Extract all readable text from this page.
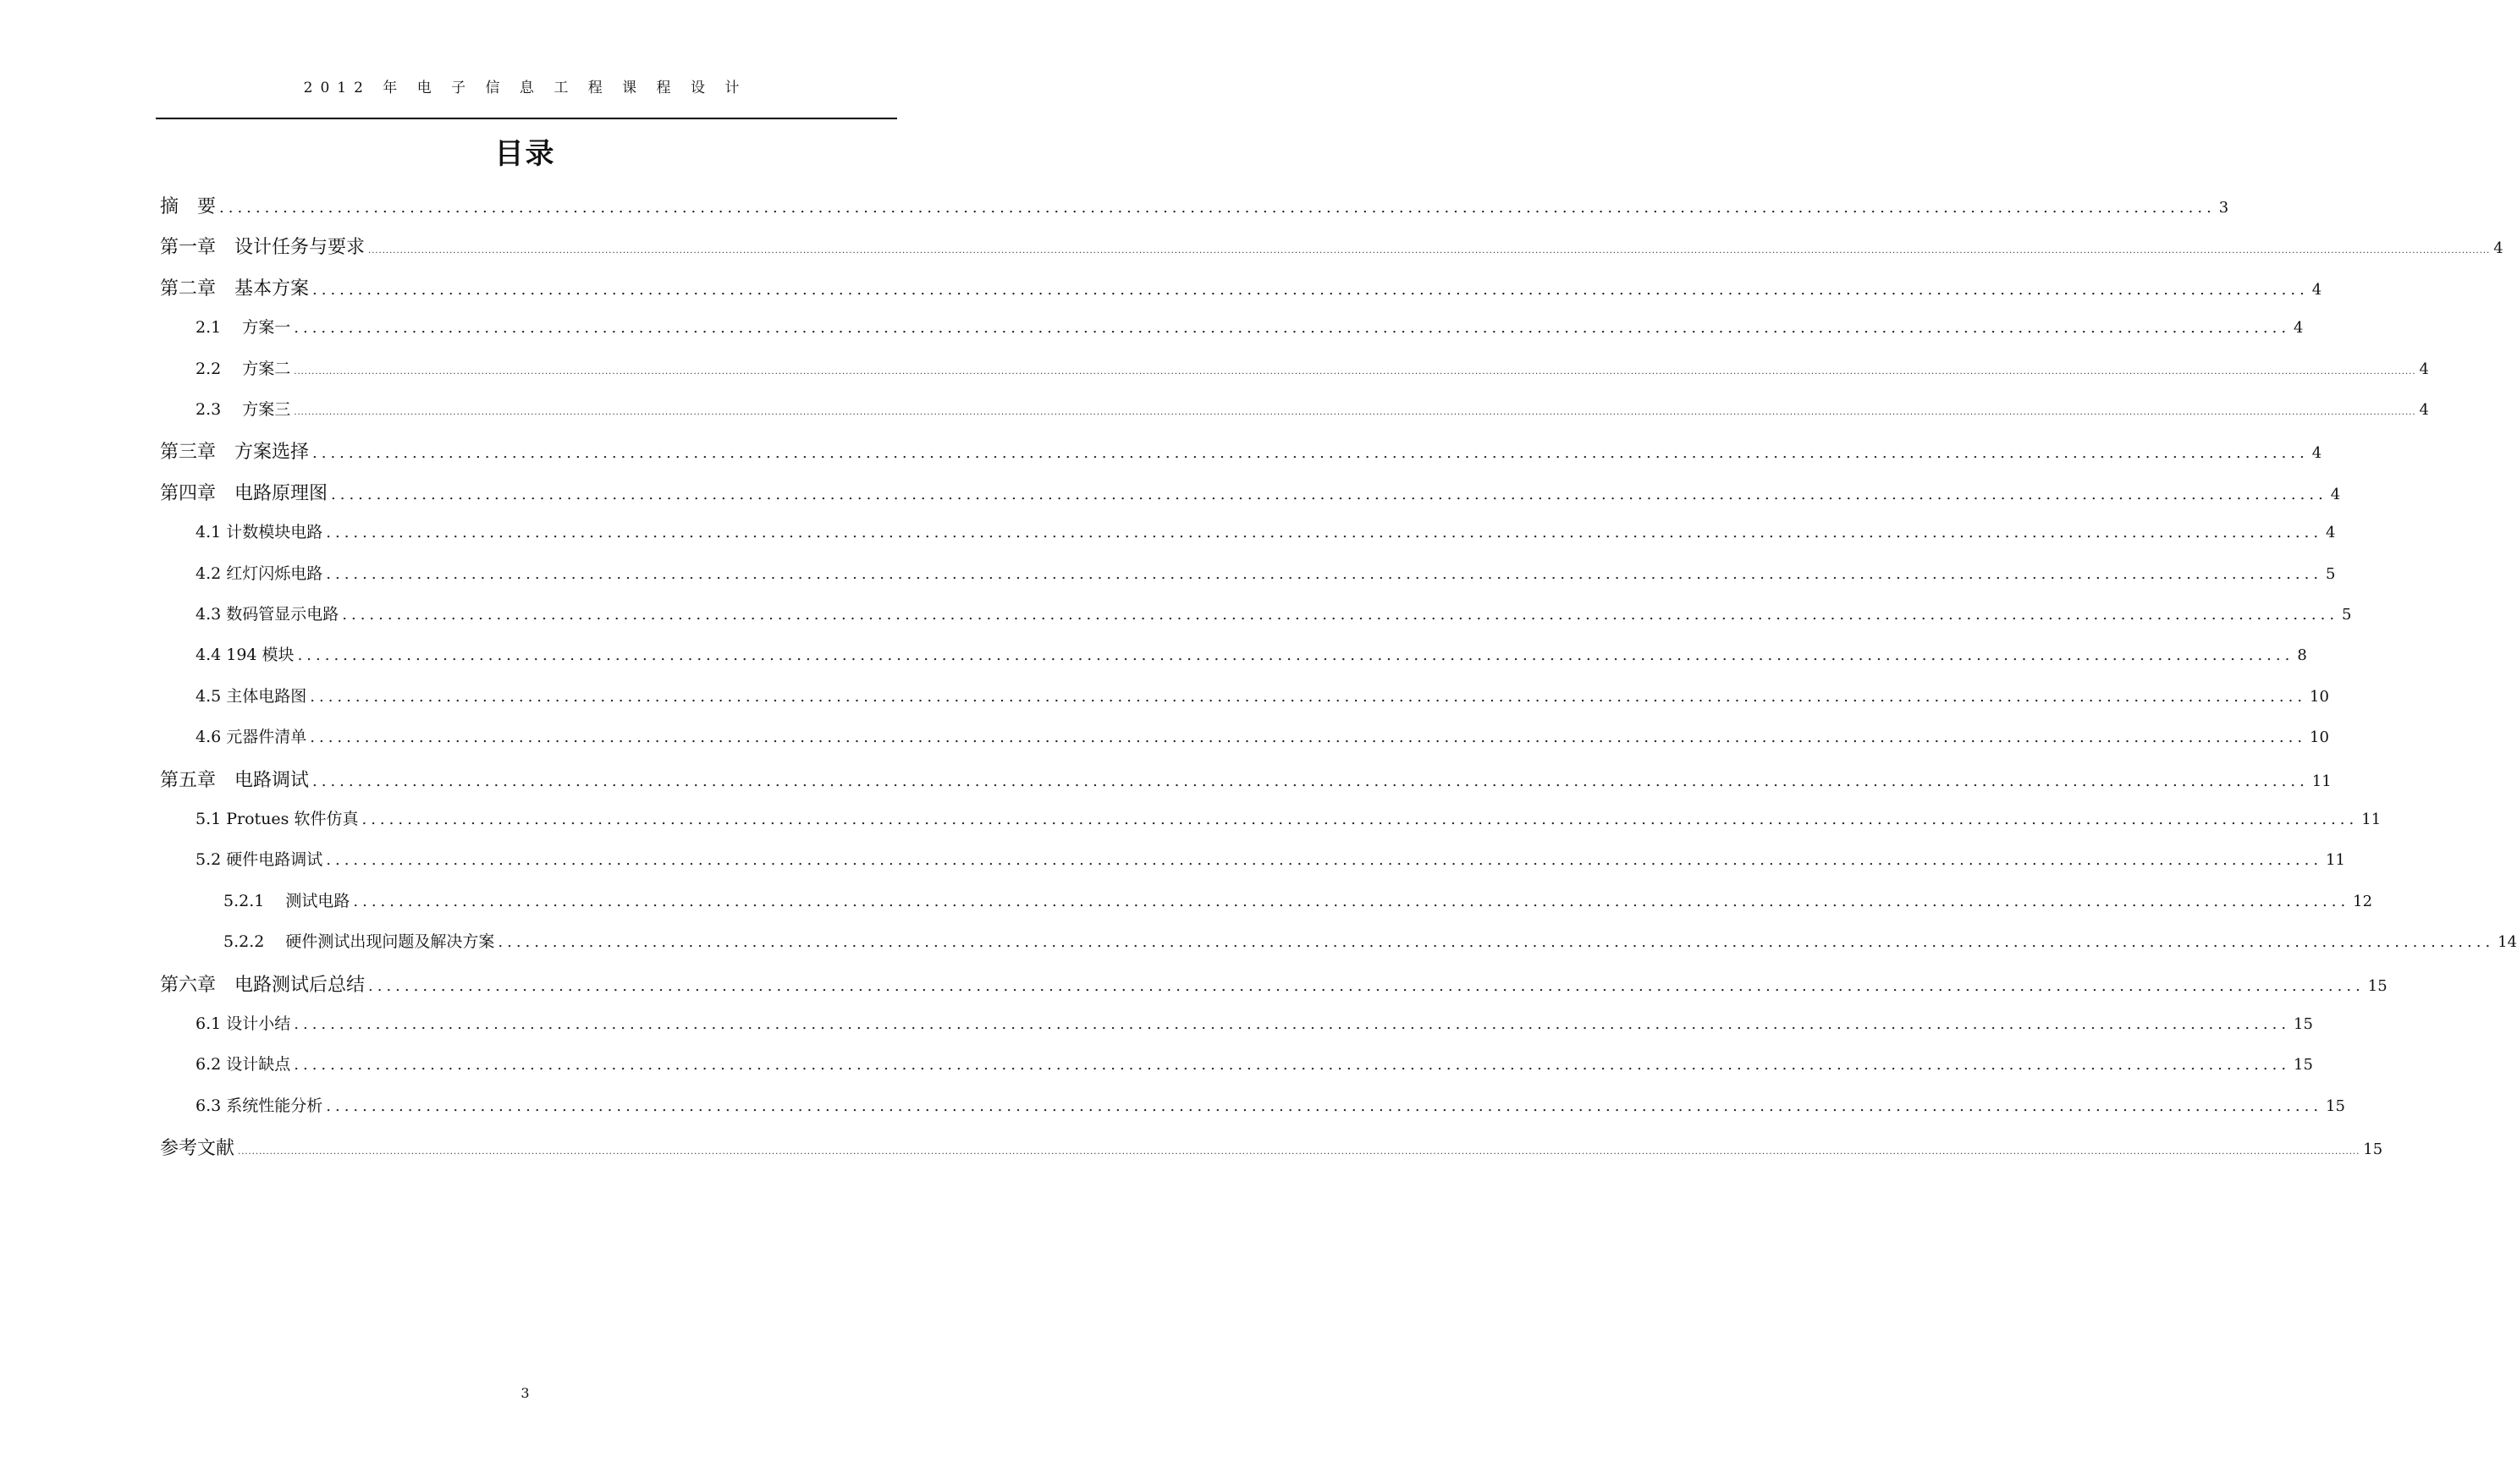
2012 年 电 子 信 息 工 程 课 程 设 计
目录
摘　要 ............................................................................................................................................................................................................................ 3
第一章　设计任务与要求 ........................................................................................................................................................................................................................................................................................................................................................................................................................................................................................................................................................................................................................ 4
第二章　基本方案 ............................................................................................................................................................................................................................ 4
2.1　 方案一 ............................................................................................................................................................................................................................ 4
2.2　 方案二 ........................................................................................................................................................................................................................................................................................................................................................................................................................................................................................................................................................................................................................ 4
2.3　 方案三 ........................................................................................................................................................................................................................................................................................................................................................................................................................................................................................................................................................................................................................ 4
第三章　方案选择 ............................................................................................................................................................................................................................ 4
第四章　电路原理图 ............................................................................................................................................................................................................................ 4
4.1 计数模块电路 ............................................................................................................................................................................................................................ 4
4.2 红灯闪烁电路 ............................................................................................................................................................................................................................ 5
4.3 数码管显示电路 ............................................................................................................................................................................................................................ 5
4.4 194 模块 ............................................................................................................................................................................................................................ 8
4.5 主体电路图 ............................................................................................................................................................................................................................ 10
4.6 元器件清单 ............................................................................................................................................................................................................................ 10
第五章　电路调试 ............................................................................................................................................................................................................................ 11
5.1 Protues 软件仿真 ............................................................................................................................................................................................................................ 11
5.2 硬件电路调试 ............................................................................................................................................................................................................................ 11
5.2.1　 测试电路 ............................................................................................................................................................................................................................ 12
5.2.2　 硬件测试出现问题及解决方案 ............................................................................................................................................................................................................................ 14
第六章　电路测试后总结 ............................................................................................................................................................................................................................ 15
6.1 设计小结 ............................................................................................................................................................................................................................ 15
6.2 设计缺点 ............................................................................................................................................................................................................................ 15
6.3 系统性能分析 ............................................................................................................................................................................................................................ 15
参考文献 ........................................................................................................................................................................................................................................................................................................................................................................................................................................................................................................................................................................................................................ 15
3
